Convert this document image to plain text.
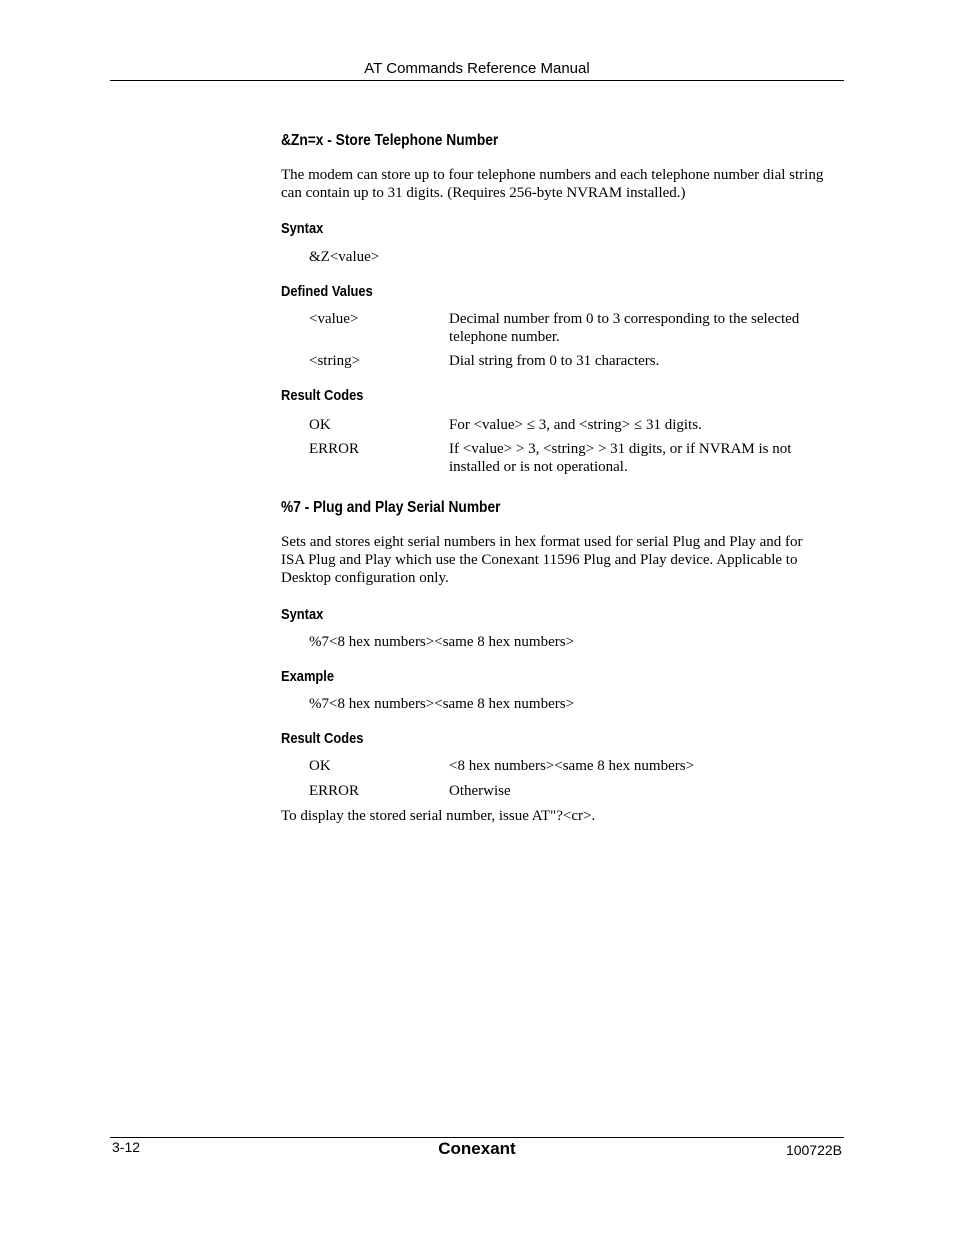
AT Commands Reference Manual
&Zn=x - Store Telephone Number
The modem can store up to four telephone numbers and each telephone number dial string can contain up to 31 digits. (Requires 256-byte NVRAM installed.)
Syntax
&Z<value>
Defined Values
<value>	Decimal number from 0 to 3 corresponding to the selected telephone number.
<string>	Dial string from 0 to 31 characters.
Result Codes
OK	For <value> ≤ 3, and <string> ≤ 31 digits.
ERROR	If <value> > 3, <string> > 31 digits, or if NVRAM is not installed or is not operational.
%7 - Plug and Play Serial Number
Sets and stores eight serial numbers in hex format used for serial Plug and Play and for ISA Plug and Play which use the Conexant 11596 Plug and Play device. Applicable to Desktop configuration only.
Syntax
%7<8 hex numbers><same 8 hex numbers>
Example
%7<8 hex numbers><same 8 hex numbers>
Result Codes
OK	<8 hex numbers><same 8 hex numbers>
ERROR	Otherwise
To display the stored serial number, issue AT"?<cr>.
3-12	Conexant	100722B
